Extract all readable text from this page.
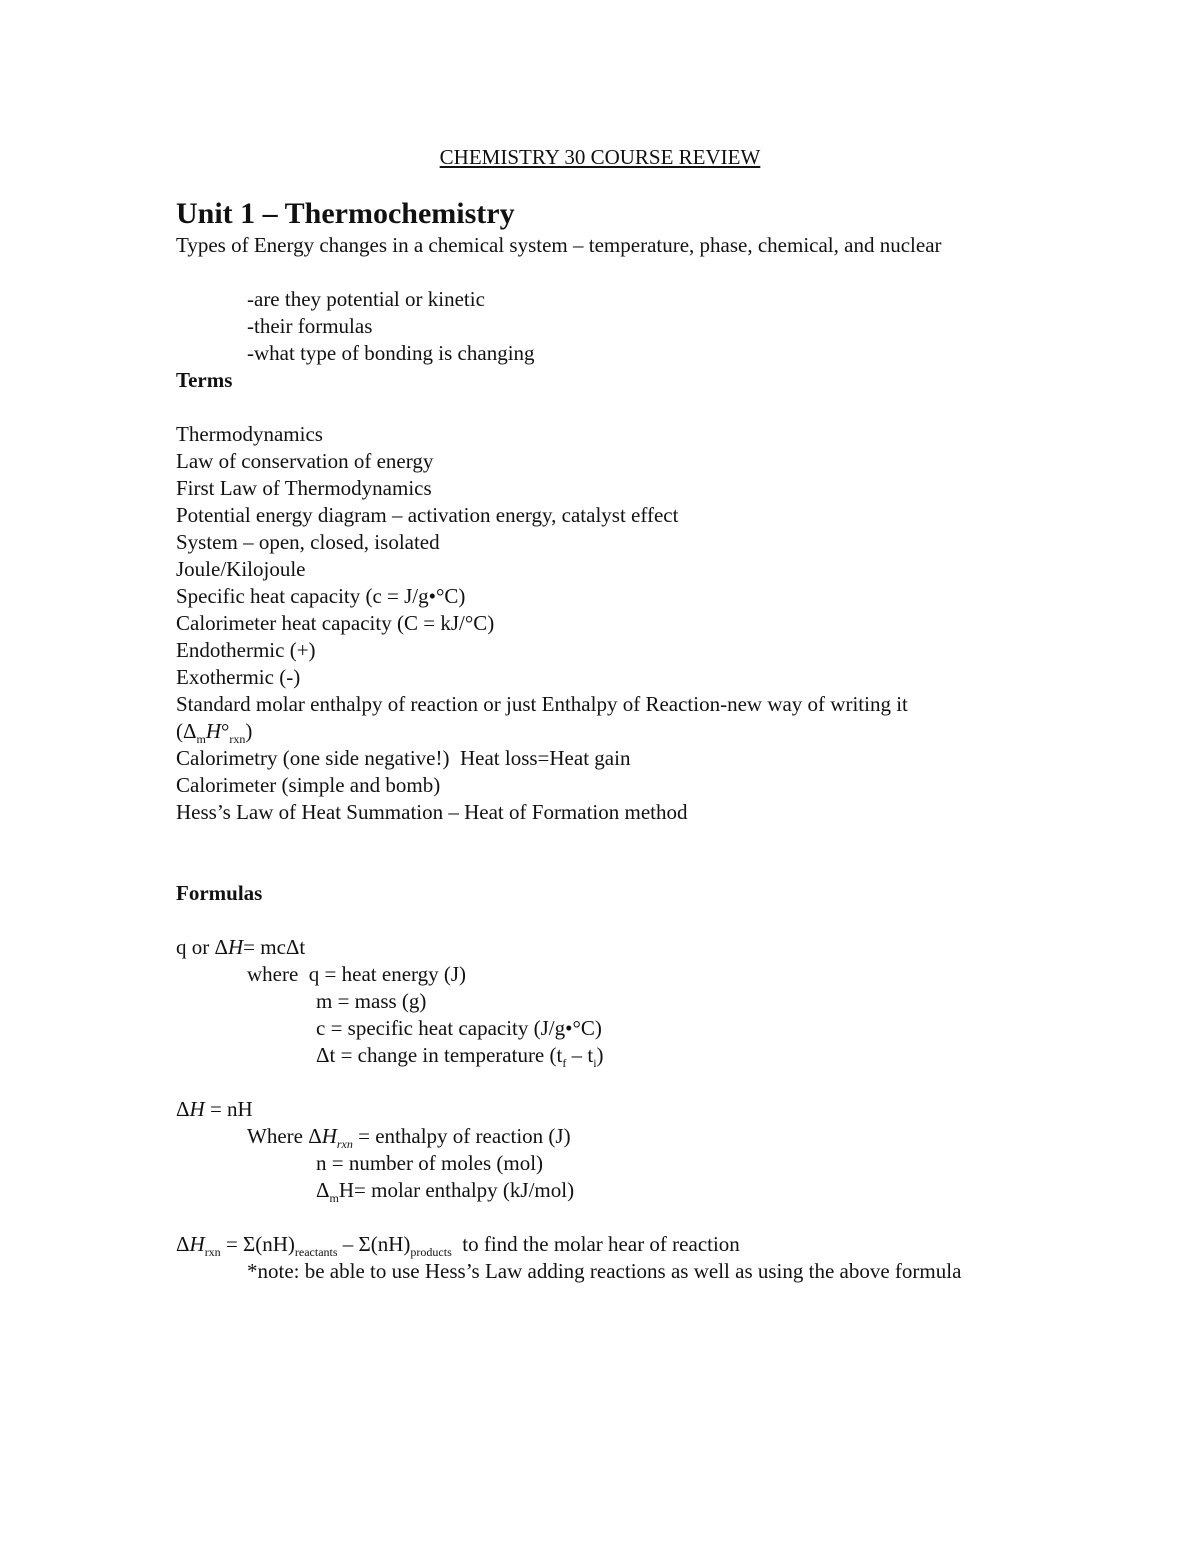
CHEMISTRY 30 COURSE REVIEW
Unit 1 – Thermochemistry
Types of Energy changes in a chemical system – temperature, phase, chemical, and nuclear
-are they potential or kinetic
-their formulas
-what type of bonding is changing
Terms
Thermodynamics
Law of conservation of energy
First Law of Thermodynamics
Potential energy diagram – activation energy, catalyst effect
System – open, closed, isolated
Joule/Kilojoule
Specific heat capacity (c = J/g•°C)
Calorimeter heat capacity (C = kJ/°C)
Endothermic (+)
Exothermic (-)
Standard molar enthalpy of reaction or just Enthalpy of Reaction-new way of writing it
$(\Delta_mH^\circ_{rxn})$
Calorimetry (one side negative!)  Heat loss=Heat gain
Calorimeter (simple and bomb)
Hess’s Law of Heat Summation – Heat of Formation method
Formulas
q or ΔH= mcΔt
where  q = heat energy (J)
m = mass (g)
c = specific heat capacity (J/g•°C)
Δt = change in temperature $(t_f - t_i)$
ΔH = nH
Where $\Delta H_{rxn}$ = enthalpy of reaction (J)
n = number of moles (mol)
$\Delta_mH=$ molar enthalpy (kJ/mol)
$\Delta H_{rxn} = \Sigma(nH)_{reactants} - \Sigma(nH)_{products}$  to find the molar hear of reaction
*note: be able to use Hess’s Law adding reactions as well as using the above formula
